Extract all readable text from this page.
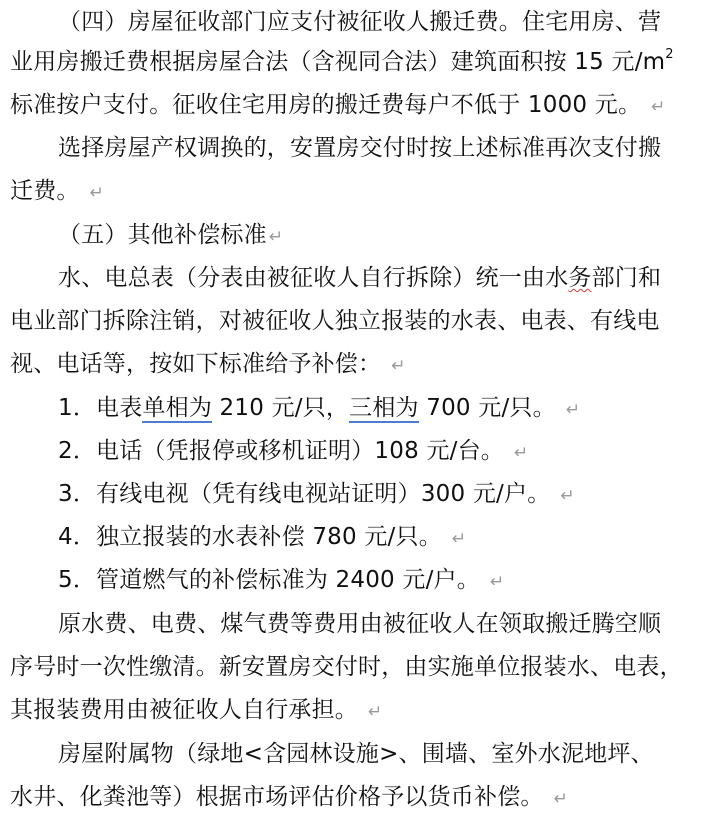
（四）房屋征收部门应支付被征收人搬迁费。住宅用房、营
业用房搬迁费根据房屋合法（含视同合法）建筑面积按 15 元$/m^2$
标准按户支付。征收住宅用房的搬迁费每户不低于 1000 元。 ↵
选择房屋产权调换的，安置房交付时按上述标准再次支付搬
迁费。 ↵
（五）其他补偿标准 ↵
水、电总表（分表由被征收人自行拆除）统一由水务部门和
电业部门拆除注销，对被征收人独立报装的水表、电表、有线电
视、电话等，按如下标准给予补偿： ↵
1．电表单相为 210 元/只，三相为 700 元/只。 ↵
2．电话（凭报停或移机证明）108 元/台。 ↵
3．有线电视（凭有线电视站证明）300 元/户。 ↵
4．独立报装的水表补偿 780 元/只。 ↵
5．管道燃气的补偿标准为 2400 元/户。 ↵
原水费、电费、煤气费等费用由被征收人在领取搬迁腾空顺
序号时一次性缴清。新安置房交付时，由实施单位报装水、电表，
其报装费用由被征收人自行承担。 ↵
房屋附属物（绿地<含园林设施>、围墙、室外水泥地坪、
水井、化粪池等）根据市场评估价格予以货币补偿。 ↵
